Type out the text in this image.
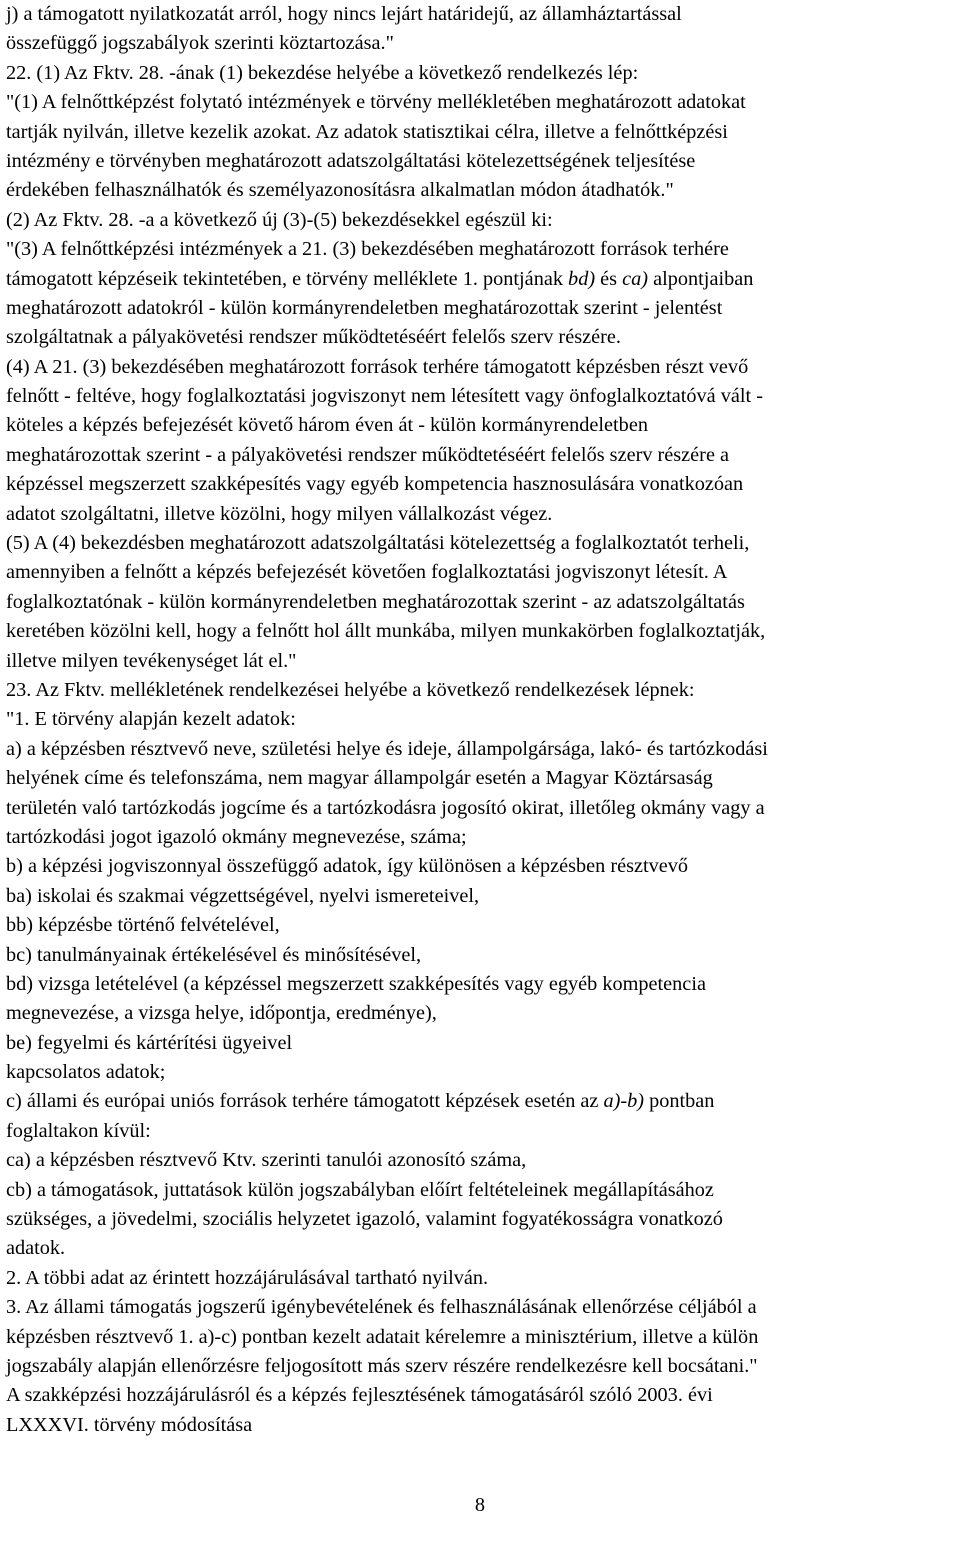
j) a támogatott nyilatkozatát arról, hogy nincs lejárt határidejű, az államháztartással
összefüggő jogszabályok szerinti köztartozása."
22. (1) Az Fktv. 28. -ának (1) bekezdése helyébe a következő rendelkezés lép:
"(1) A felnőttképzést folytató intézmények e törvény mellékletében meghatározott adatokat
tartják nyilván, illetve kezelik azokat. Az adatok statisztikai célra, illetve a felnőttképzési
intézmény e törvényben meghatározott adatszolgáltatási kötelezettségének teljesítése
érdekében felhasználhatók és személyazonosításra alkalmatlan módon átadhatók."
(2) Az Fktv. 28. -a a következő új (3)-(5) bekezdésekkel egészül ki:
"(3) A felnőttképzési intézmények a 21. (3) bekezdésében meghatározott források terhére
támogatott képzéseik tekintetében, e törvény melléklete 1. pontjának bd) és ca) alpontjaiban
meghatározott adatokról - külön kormányrendeletben meghatározottak szerint - jelentést
szolgáltatnak a pályakövetési rendszer működtetéséért felelős szerv részére.
(4) A 21. (3) bekezdésében meghatározott források terhére támogatott képzésben részt vevő
felnőtt - feltéve, hogy foglalkoztatási jogviszonyt nem létesített vagy önfoglalkoztatóvá vált -
köteles a képzés befejezését követő három éven át - külön kormányrendeletben
meghatározottak szerint - a pályakövetési rendszer működtetéséért felelős szerv részére a
képzéssel megszerzett szakképesítés vagy egyéb kompetencia hasznosulására vonatkozóan
adatot szolgáltatni, illetve közölni, hogy milyen vállalkozást végez.
(5) A (4) bekezdésben meghatározott adatszolgáltatási kötelezettség a foglalkoztatót terheli,
amennyiben a felnőtt a képzés befejezését követően foglalkoztatási jogviszonyt létesít. A
foglalkoztatónak - külön kormányrendeletben meghatározottak szerint - az adatszolgáltatás
keretében közölni kell, hogy a felnőtt hol állt munkába, milyen munkakörben foglalkoztatják,
illetve milyen tevékenységet lát el."
23. Az Fktv. mellékletének rendelkezései helyébe a következő rendelkezések lépnek:
"1. E törvény alapján kezelt adatok:
a) a képzésben résztvevő neve, születési helye és ideje, állampolgársága, lakó- és tartózkodási
helyének címe és telefonszáma, nem magyar állampolgár esetén a Magyar Köztársaság
területén való tartózkodás jogcíme és a tartózkodásra jogosító okirat, illetőleg okmány vagy a
tartózkodási jogot igazoló okmány megnevezése, száma;
b) a képzési jogviszonnyal összefüggő adatok, így különösen a képzésben résztvevő
ba) iskolai és szakmai végzettségével, nyelvi ismereteivel,
bb) képzésbe történő felvételével,
bc) tanulmányainak értékelésével és minősítésével,
bd) vizsga letételével (a képzéssel megszerzett szakképesítés vagy egyéb kompetencia
megnevezése, a vizsga helye, időpontja, eredménye),
be) fegyelmi és kártérítési ügyeivel
kapcsolatos adatok;
c) állami és európai uniós források terhére támogatott képzések esetén az a)-b) pontban
foglaltakon kívül:
ca) a képzésben résztvevő Ktv. szerinti tanulói azonosító száma,
cb) a támogatások, juttatások külön jogszabályban előírt feltételeinek megállapításához
szükséges, a jövedelmi, szociális helyzetet igazoló, valamint fogyatékosságra vonatkozó
adatok.
2. A többi adat az érintett hozzájárulásával tartható nyilván.
3. Az állami támogatás jogszerű igénybevételének és felhasználásának ellenőrzése céljából a
képzésben résztvevő 1. a)-c) pontban kezelt adatait kérelemre a minisztérium, illetve a külön
jogszabály alapján ellenőrzésre feljogosított más szerv részére rendelkezésre kell bocsátani."
A szakképzési hozzájárulásról és a képzés fejlesztésének támogatásáról szóló 2003. évi
LXXXVI. törvény módosítása
8
